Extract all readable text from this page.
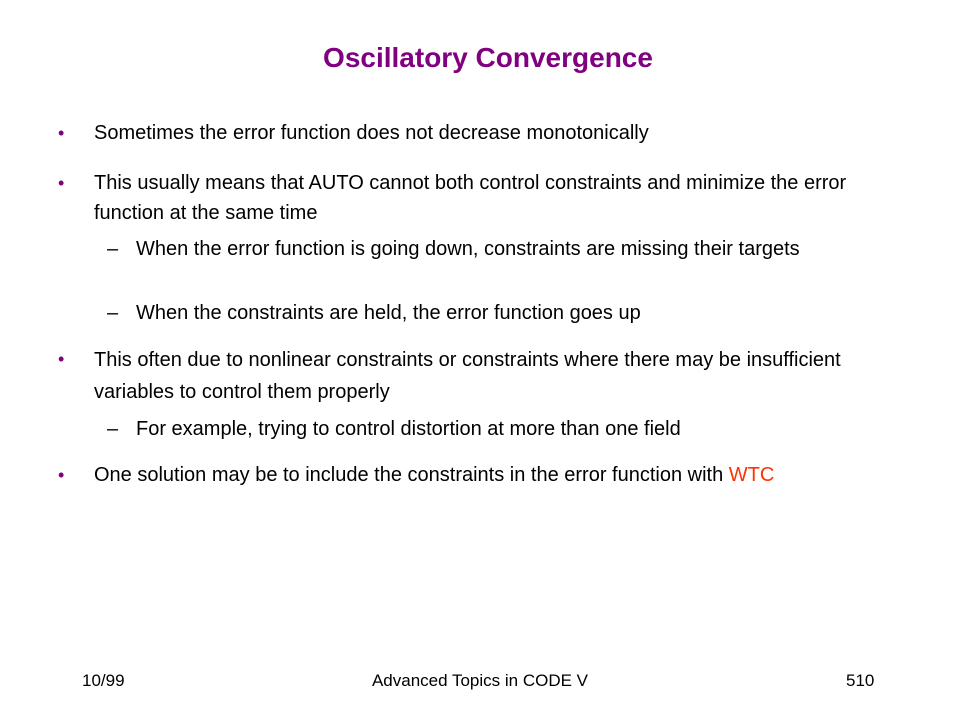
Oscillatory Convergence
• Sometimes the error function does not decrease monotonically
• This usually means that AUTO cannot both control constraints and minimize the error function at the same time
– When the error function is going down, constraints are missing their targets
– When the constraints are held, the error function goes up
• This often due to nonlinear constraints or constraints where there may be insufficient variables to control them properly
– For example, trying to control distortion at more than one field
• One solution may be to include the constraints in the error function with WTC
10/99	Advanced Topics in CODE V	510
